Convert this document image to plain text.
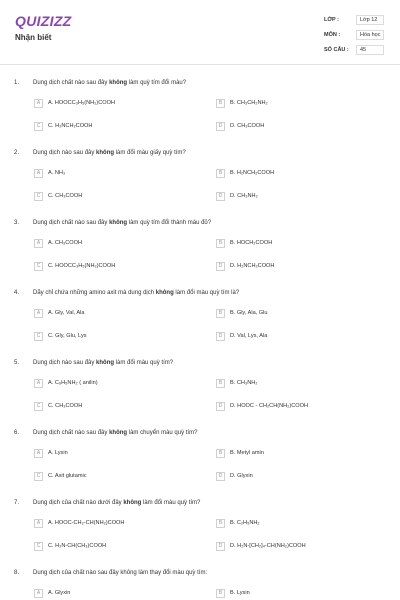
QUIZIZZ
Nhận biết
LỚP :	Lớp 12
MÔN :	Hóa học
SỐ CÂU :	45
1. Dung dịch chất nào sau đây không làm quỳ tím đổi màu?
A	A. HOOCC₃H₅(NH₂)COOH	B	B. CH₃CH₂NH₂
C	C. H₂NCH₂COOH	D	D. CH₃COOH
2. Dung dịch nào sau đây không làm đổi màu giấy quỳ tím?
A	A. NH₃	B	B. H₂NCH₂COOH
C	C. CH₃COOH	D	D. CH₃NH₂
3. Dung dịch chất nào sau đây không làm quỳ tím đổi thành màu đỏ?
A	A. CH₃COOH	B	B. HOCH₂COOH
C	C. HOOCC₃H₅(NH₂)COOH	D	D. H₂NCH₂COOH
4. Dãy chỉ chứa những amino axit mà dung dịch không làm đổi màu quỳ tím là?
A	A. Gly, Val, Ala	B	B. Gly, Ala, Glu
C	C. Gly, Glu, Lys	D	D. Val, Lys, Ala
5. Dung dịch nào sau đây không làm đổi màu quỳ tím?
A	A. C₆H₅NH₂ ( anilin)	B	B. CH₃NH₂
C	C. CH₃COOH	D	D. HOOC - CH₂CH(NH₂)COOH
6. Dung dịch chất nào sau đây không làm chuyển màu quỳ tím?
A	A. Lysin	B	B. Metyl amin
C	C. Axit glutamic	D	D. Glyxin
7. Dung dịch của chất nào dưới đây không làm đổi màu quỳ tím?
A	A. HOOC-CH₂-CH(NH₂)COOH	B	B. C₂H₅NH₂
C	C. H₂N-CH(CH₃)COOH	D	D. H₂N-[CH₂]₄-CH(NH₂)COOH
8. Dung dịch của chất nào sau đây không làm thay đổi màu quỳ tím:
A	A. Glyxin	B	B. Lysin
